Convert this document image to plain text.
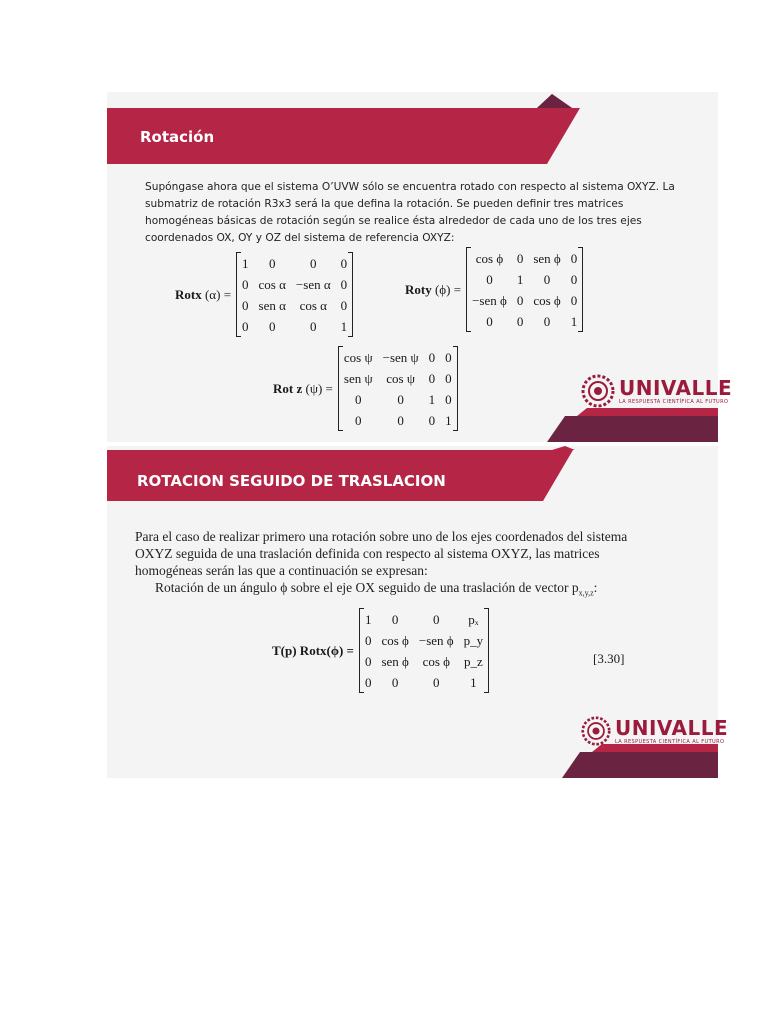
Rotación

Supóngase ahora que el sistema O’UVW sólo se encuentra rotado con respecto al sistema OXYZ. La submatriz de rotación R3x3 será la que defina la rotación. Se pueden definir tres matrices homogéneas básicas de rotación según se realice ésta alrededor de cada uno de los tres ejes coordenados OX, OY y OZ del sistema de referencia OXYZ:

Rotx (α) =
1	0	0	0
0	cos α	−sen α	0
0	sen α	cos α	0
0	0	0	1
Roty (ϕ) =
cos ϕ	0	sen ϕ	0
0	1	0	0
−sen ϕ	0	cos ϕ	0
0	0	0	1
Rot z (ψ) =
cos ψ	−sen ψ	0	0
sen ψ	cos ψ	0	0
0	0	1	0
0	0	0	1
UNIVALLE
LA RESPUESTA CIENTÍFICA AL FUTURO
ROTACION SEGUIDO DE TRASLACION

Para el caso de realizar primero una rotación sobre uno de los ejes coordenados del sistema OXYZ seguida de una traslación definida con respecto al sistema OXYZ, las matrices homogéneas serán las que a continuación se expresan:
Rotación de un ángulo ϕ sobre el eje OX seguido de una traslación de vector $p_{x,y,z}$:

T(p) Rotx(ϕ) =
1	0	0	pₓ
0	cos ϕ	−sen ϕ	p_y
0	sen ϕ	cos ϕ	p_z
0	0	0	1
[3.30]
UNIVALLE
LA RESPUESTA CIENTÍFICA AL FUTURO
